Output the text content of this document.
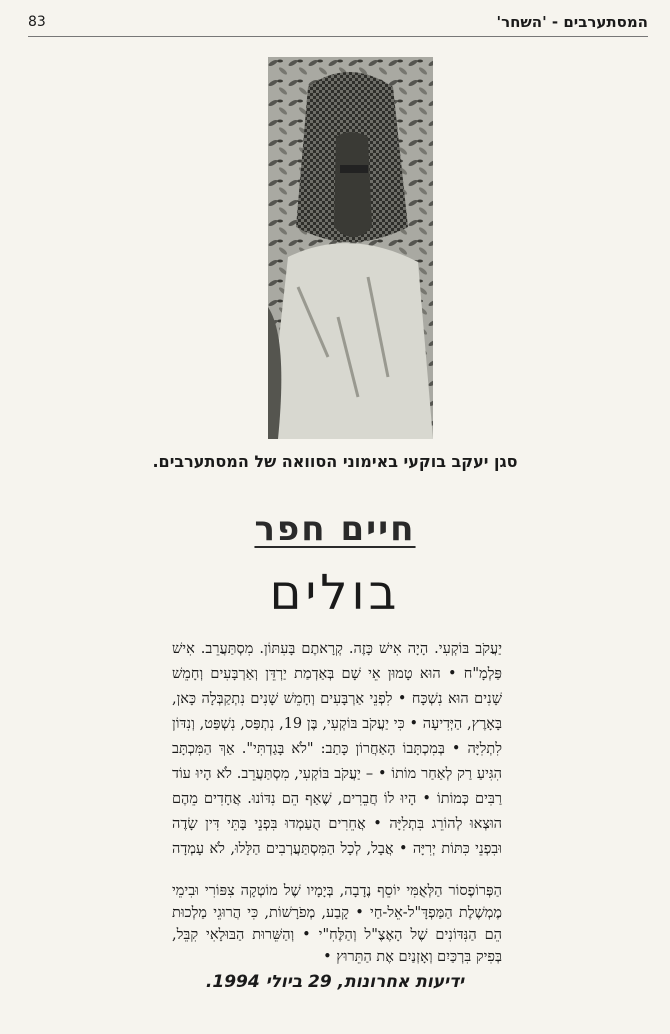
83	המסתערבים - 'השחר'
סגן יעקב בוקעי באימוני הסוואה של המסתערבים.
חיים חפר
בולים
יַעֲקֹב בּוֹקְעִי. הָיָה אִישׁ כָּזֶה. קְרָאתֶם בָּעִתּוֹן. מִסְתַּעֲרֵב. אִישׁ פַּלְמָ"ח • הוּא טָמוּן אֵי שָׁם בְּאַדְמַת יַרְדֵּן וְאַרְבָּעִים וְחָמֵשׁ שָׁנִים הוּא נִשְׁכָּח • לִפְנֵי אַרְבָּעִים וְחָמֵשׁ שָׁנִים נִתְקַבְּלָה כָּאן, בָּאָרֶץ, הַיְּדִיעָה • כִּי יַעֲקֹב בּוֹקְעִי, בֶּן 19, נִתְפַּס, נִשְׁפַּט, וְנִדּוֹן לִתְלִיָּה • בְּמִכְתָּבוֹ הָאַחֲרוֹן כָּתַב: "לֹא בָּגַדְתִּי". אַךְ הַמִּכְתָּב הִגִּיעַ רַק לְאַחַר מוֹתוֹ • – יַעֲקֹב בּוֹקְעִי, מִסְתַּעֲרֵב. לֹא הָיוּ עוֹד רַבִּים כְּמוֹתוֹ • הָיוּ לוֹ חֲבֵרִים, שֶׁאַף הֵם נִדּוֹנוּ. אֲחָדִים מֵהֶם הוּצְאוּ לְהוֹרֵג בִּתְלִיָּה • אֲחֵרִים הֻעַמְדוּ בִּפְנֵי בָּתֵּי דִּין שָׂדֶה וּבִפְנֵי כִּתּוֹת יְרִיָּה • אֲבָל, לְכָל הַמִּסְתַּעֲרְבִים הַלָּלוּ, לֹא עָמְדָה
הַפְּרוֹפֶסוֹר הַלְּאֻמִּי יוֹסֵף נֶדָבָה, בְּיָמָיו שֶׁל מוֹטְקָה צִפּוֹרִי וּבִימֵי מֶמְשֶׁלֶת הַמַּפְדָּ"ל-אֵל-חַי • קָבַע, מְפֹרָשׁוֹת, כִּי הֲרוּגֵי מַלְכוּת הֵם הַנִּדּוֹנִים שֶׁל הָאֶצֶ"ל וְהַלֶּחִ"י • וְהַשֵּׁרוּת הַבּוּלָאִי קִבֵּל, בְּפִיק בִּרְכַּיִם וְאָזְנַיִם אֶת הַתֵּרוּץ •
ידיעות אחרונות, 29 ביולי 1994.
